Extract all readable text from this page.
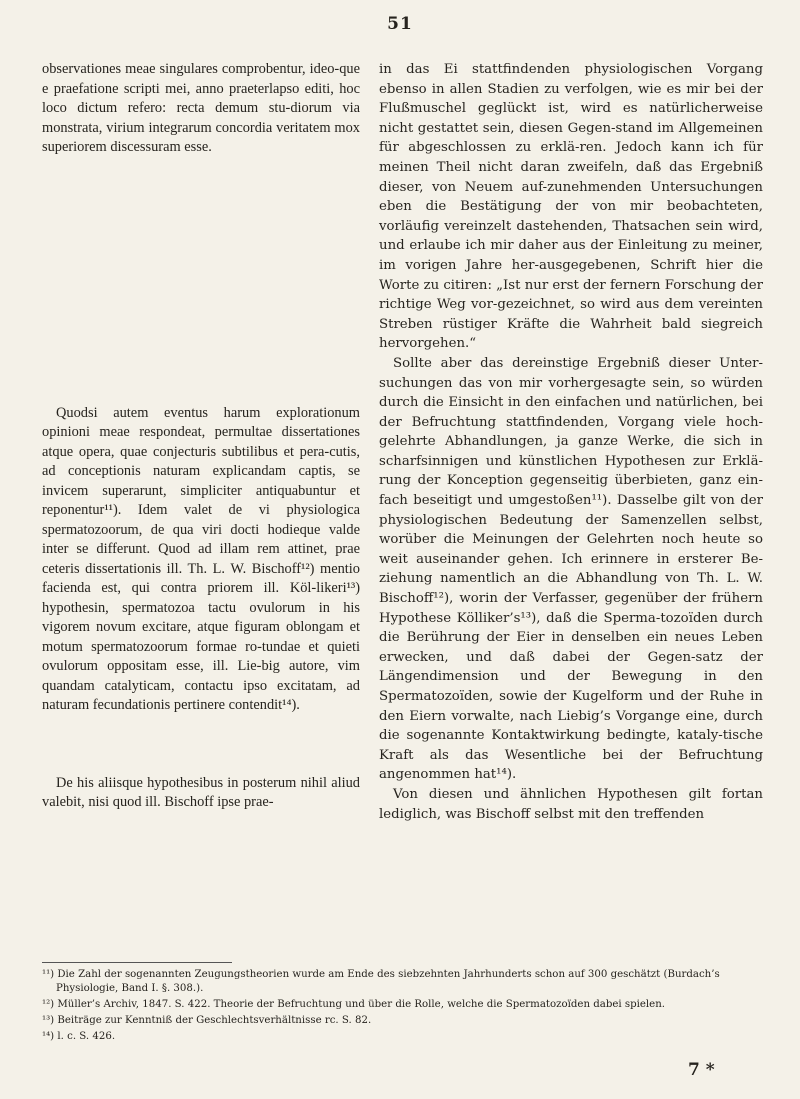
51

observationes meae singulares comprobentur, ideo-que e praefatione scripti mei, anno praeterlapso editi, hoc loco dictum refero: recta demum stu-diorum via monstrata, virium integrarum concordia veritatem mox superiorem discessuram esse.

Quodsi autem eventus harum explorationum opinioni meae respondeat, permultae dissertationes atque opera, quae conjecturis subtilibus et pera-cutis, ad conceptionis naturam explicandam captis, se invicem superarunt, simpliciter antiquabuntur et reponentur¹¹). Idem valet de vi physiologica spermatozoorum, de qua viri docti hodieque valde inter se differunt. Quod ad illam rem attinet, prae ceteris dissertationis ill. Th. L. W. Bischoff¹²) mentio facienda est, qui contra priorem ill. Köl-likeri¹³) hypothesin, spermatozoa tactu ovulorum in his vigorem novum excitare, atque figuram oblongam et motum spermatozoorum formae ro-tundae et quieti ovulorum oppositam esse, ill. Lie-big autore, vim quandam catalyticam, contactu ipso excitatam, ad naturam fecundationis pertinere contendit¹⁴).

De his aliisque hypothesibus in posterum nihil aliud valebit, nisi quod ill. Bischoff ipse prae-

in das Ei stattfindenden physiologischen Vorgang ebenso in allen Stadien zu verfolgen, wie es mir bei der Flußmuschel geglückt ist, wird es natürlicherweise nicht gestattet sein, diesen Gegen-stand im Allgemeinen für abgeschlossen zu erklä-ren. Jedoch kann ich für meinen Theil nicht daran zweifeln, daß das Ergebniß dieser, von Neuem auf-zunehmenden Untersuchungen eben die Bestätigung der von mir beobachteten, vorläufig vereinzelt dastehenden, Thatsachen sein wird, und erlaube ich mir daher aus der Einleitung zu meiner, im vorigen Jahre her-ausgegebenen, Schrift hier die Worte zu citiren: „Ist nur erst der fernern Forschung der richtige Weg vor-gezeichnet, so wird aus dem vereinten Streben rüstiger Kräfte die Wahrheit bald siegreich hervorgehen.“

Sollte aber das dereinstige Ergebniß dieser Unter-suchungen das von mir vorhergesagte sein, so würden durch die Einsicht in den einfachen und natürlichen, bei der Befruchtung stattfindenden, Vorgang viele hoch-gelehrte Abhandlungen, ja ganze Werke, die sich in scharfsinnigen und künstlichen Hypothesen zur Erklä-rung der Konception gegenseitig überbieten, ganz ein-fach beseitigt und umgestoßen¹¹). Dasselbe gilt von der physiologischen Bedeutung der Samenzellen selbst, worüber die Meinungen der Gelehrten noch heute so weit auseinander gehen. Ich erinnere in ersterer Be-ziehung namentlich an die Abhandlung von Th. L. W. Bischoff¹²), worin der Verfasser, gegenüber der frühern Hypothese Kölliker’s¹³), daß die Sperma-tozoïden durch die Berührung der Eier in denselben ein neues Leben erwecken, und daß dabei der Gegen-satz der Längendimension und der Bewegung in den Spermatozoïden, sowie der Kugelform und der Ruhe in den Eiern vorwalte, nach Liebig’s Vorgange eine, durch die sogenannte Kontaktwirkung bedingte, kataly-tische Kraft als das Wesentliche bei der Befruchtung angenommen hat¹⁴).

Von diesen und ähnlichen Hypothesen gilt fortan lediglich, was Bischoff selbst mit den treffenden

¹¹) Die Zahl der sogenannten Zeugungstheorien wurde am Ende des siebzehnten Jahrhunderts schon auf 300 geschätzt (Burdach’s Physiologie, Band I. §. 308.).

¹²) Müller’s Archiv, 1847. S. 422. Theorie der Befruchtung und über die Rolle, welche die Spermatozoïden dabei spielen.

¹³) Beiträge zur Kenntniß der Geschlechtsverhältnisse rc. S. 82.

¹⁴) l. c. S. 426.

7 *
